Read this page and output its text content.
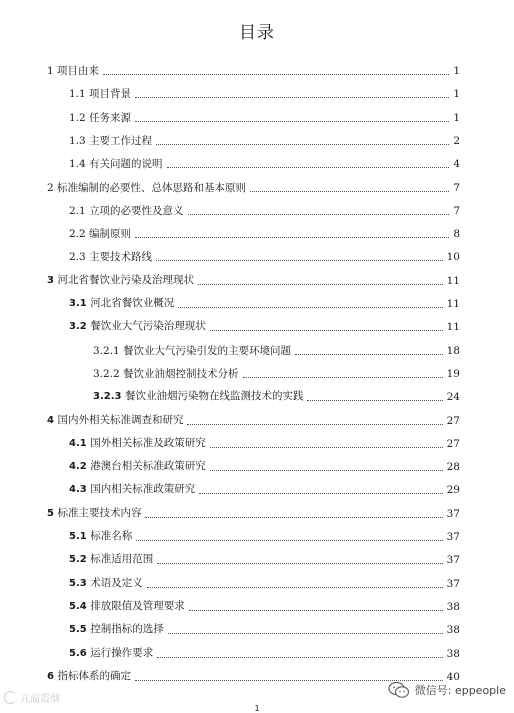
目录
1 项目由来	1
1.1 项目背景	1
1.2 任务来源	1
1.3 主要工作过程	2
1.4 有关问题的说明	4
2 标准编制的必要性、总体思路和基本原则	7
2.1 立项的必要性及意义	7
2.2 编制原则	8
2.3 主要技术路线	10
3 河北省餐饮业污染及治理现状	11
3.1 河北省餐饮业概况	11
3.2 餐饮业大气污染治理现状	11
3.2.1 餐饮业大气污染引发的主要环境问题	18
3.2.2 餐饮业油烟控制技术分析	19
3.2.3 餐饮业油烟污染物在线监测技术的实践	24
4 国内外相关标准调查和研究	27
4.1 国外相关标准及政策研究	27
4.2 港澳台相关标准政策研究	28
4.3 国内相关标准政策研究	29
5 标准主要技术内容	37
5.1 标准名称	37
5.2 标准适用范围	37
5.3 术语及定义	37
5.4 排放限值及管理要求	38
5.5 控制指标的选择	38
5.6 运行操作要求	38
6 指标体系的确定	40
1
亢溢霞烟
微信号: eppeople
